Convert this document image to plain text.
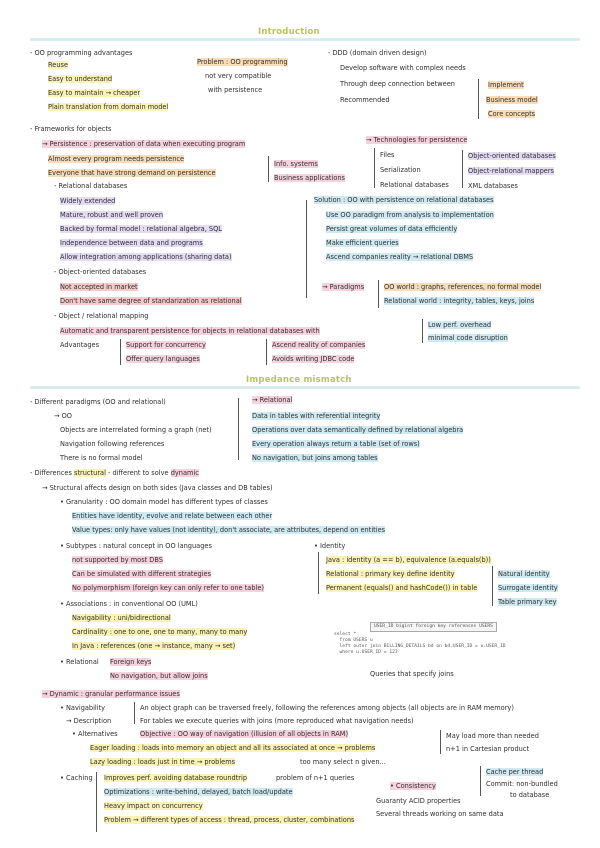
Introduction
- OO programming advantages
Reuse
Easy to understand
Easy to maintain → cheaper
Plain translation from domain model
Problem : OO programming
not very compatible
with persistence
- DDD (domain driven design)
Develop software with complex needs
Through deep connection between
Recommended
Implement
Business model
Core concepts
- Frameworks for objects
→ Persistence : preservation of data when executing program
Almost every program needs persistence
Everyone that have strong demand on persistence
Info. systems
Business applications
→ Technologies for persistence
Files
Serialization
Relational databases
Object-oriented databases
Object-relational mappers
XML databases
- Relational databases
Widely extended
Mature, robust and well proven
Backed by formal model : relational algebra, SQL
Independence between data and programs
Allow integration among applications (sharing data)
Solution : OO with persistence on relational databases
Use OO paradigm from analysis to implementation
Persist great volumes of data efficiently
Make efficient queries
Ascend companies reality → relational DBMS
- Object-oriented databases
Not accepted in market
Don't have same degree of standarization as relational
→ Paradigms	OO world : graphs, references, no formal model
Relational world : integrity, tables, keys, joins
- Object / relational mapping
Automatic and transparent persistence for objects in relational databases with
Advantages	Support for concurrency
Offer query languages
Ascend reality of companies
Avoids writing JDBC code
Low perf. overhead
minimal code disruption
Impedance mismatch
- Different paradigms (OO and relational)
→ OO
Objects are interrelated forming a graph (net)
Navigation following references
There is no formal model
→ Relational
Data in tables with referential integrity
Operations over data semantically defined by relational algebra
Every operation always return a table (set of rows)
No navigation, but joins among tables
- Differences structural - different to solve dynamic
→ Structural affects design on both sides (Java classes and DB tables)
• Granularity : OO domain model has different types of classes
Entities have identity, evolve and relate between each other
Value types: only have values (not identity), don't associate, are attributes, depend on entities
• Subtypes : natural concept in OO languages
not supported by most DBS
Can be simulated with different strategies
No polymorphism (foreign key can only refer to one table)
• Identity
Java : identity (a == b), equivalence (a.equals(b))
Relational : primary key define identity
Permanent (equals() and hashCode()) in table
Natural identity
Surrogate identity
Table primary key
• Associations : in conventional OO (UML)
Navigability : uni/bidirectional
Cardinality : one to one, one to many, many to many
In Java : references (one → instance, many → set)
• Relational Foreign keys
No navigation, but allow joins
USER_ID bigint foreign key references USERS
select *
from USERS u
left outer join BILLING_DETAILS bd on bd.USER_ID = u.USER_ID
where u.USER_ID = 123
Queries that specify joins
→ Dynamic : granular performance issues
• Navigability	An object graph can be traversed freely, following the references among objects (all objects are in RAM memory)
→ Description	For tables we execute queries with joins (more reproduced what navigation needs)
• Alternatives	Objective : OO way of navigation (illusion of all objects in RAM)
Eager loading : loads into memory an object and all its associated at once → problems
Lazy loading : loads just in time → problems
May load more than needed
n+1 in Cartesian product
too many select n given...
• Caching Improves perf. avoiding database roundtrip
Optimizations : write-behind, delayed, batch load/update
Heavy impact on concurrency
Problem → different types of access : thread, process, cluster, combinations
problem of n+1 queries
• Consistency
Guaranty ACID properties
Several threads working on same data
Cache per thread
Commit: non-bundled
to database
